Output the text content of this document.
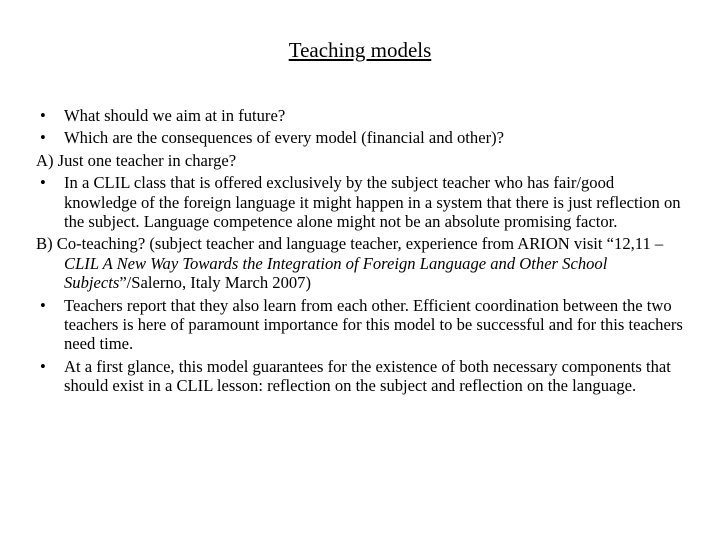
Teaching models
• What should we aim at in future?
• Which are the consequences of every model (financial and other)?
A) Just one teacher in charge?
• In a CLIL class that is offered exclusively by the subject teacher who has fair/good knowledge of the foreign language it might happen in a system that there is just reflection on the subject. Language competence alone might not be an absolute promising factor.
B) Co-teaching? (subject teacher and language teacher, experience from ARION visit “12,11 – CLIL A New Way Towards the Integration of Foreign Language and Other School Subjects”/Salerno, Italy March 2007)
• Teachers report that they also learn from each other. Efficient coordination between the two teachers is here of paramount importance for this model to be successful and for this teachers need time.
• At a first glance, this model guarantees for the existence of both necessary components that should exist in a CLIL lesson: reflection on the subject and reflection on the language.
